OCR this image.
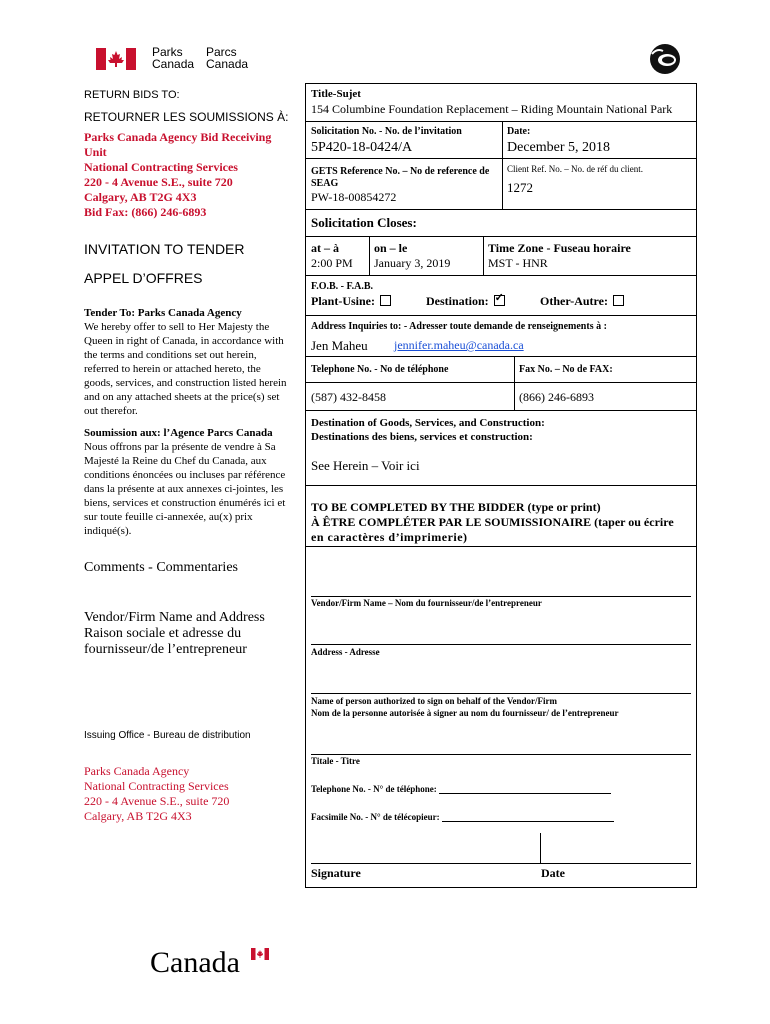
Parks
Canada
Parcs
Canada
RETURN BIDS TO:
RETOURNER LES SOUMISSIONS À:
Parks Canada Agency Bid Receiving
Unit
National Contracting Services
220 - 4 Avenue S.E., suite 720
Calgary, AB T2G 4X3
Bid Fax: (866) 246-6893
INVITATION TO TENDER
APPEL D’OFFRES
Tender To: Parks Canada Agency
We hereby offer to sell to Her Majesty the
Queen in right of Canada, in accordance with
the terms and conditions set out herein,
referred to herein or attached hereto, the
goods, services, and construction listed herein
and on any attached sheets at the price(s) set
out therefor.
Soumission aux: l’Agence Parcs Canada
Nous offrons par la présente de vendre à Sa
Majesté la Reine du Chef du Canada, aux
conditions énoncées ou incluses par référence
dans la présente at aux annexes ci-jointes, les
biens, services et construction énumérés ici et
sur toute feuille ci-annexée, au(x) prix
indiqué(s).
Comments - Commentaries
Vendor/Firm Name and Address
Raison sociale et adresse du
fournisseur/de l’entrepreneur
Issuing Office - Bureau de distribution
Parks Canada Agency
National Contracting Services
220 - 4 Avenue S.E., suite 720
Calgary, AB T2G 4X3
Title-Sujet
154 Columbine Foundation Replacement – Riding Mountain National Park
Solicitation No. - No. de l’invitation
5P420-18-0424/A
Date:
December 5, 2018
GETS Reference No. – No de reference de
SEAG
PW-18-00854272
Client Ref. No. – No. de réf du client.
1272
Solicitation Closes:
at – à
2:00 PM
on – le
January 3, 2019
Time Zone - Fuseau horaire
MST - HNR
F.O.B. - F.A.B.
Plant-Usine:	Destination: ✓	Other-Autre:
Address Inquiries to: - Adresser toute demande de renseignements à :
Jen Maheu jennifer.maheu@canada.ca
Telephone No. - No de téléphone
(587) 432-8458
Fax No. – No de FAX:
(866) 246-6893
Destination of Goods, Services, and Construction:
Destinations des biens, services et construction:
See Herein – Voir ici
TO BE COMPLETED BY THE BIDDER (type or print)
À ÊTRE COMPLÉTER PAR LE SOUMISSIONAIRE (taper ou écrire
en caractères d’imprimerie)
Vendor/Firm Name – Nom du fournisseur/de l’entrepreneur
Address - Adresse
Name of person authorized to sign on behalf of the Vendor/Firm
Nom de la personne autorisée à signer au nom du fournisseur/ de l’entrepreneur
Titale - Titre
Telephone No. - N° de téléphone:
Facsimile No. - N° de télécopieur:
Signature	Date
Canada
